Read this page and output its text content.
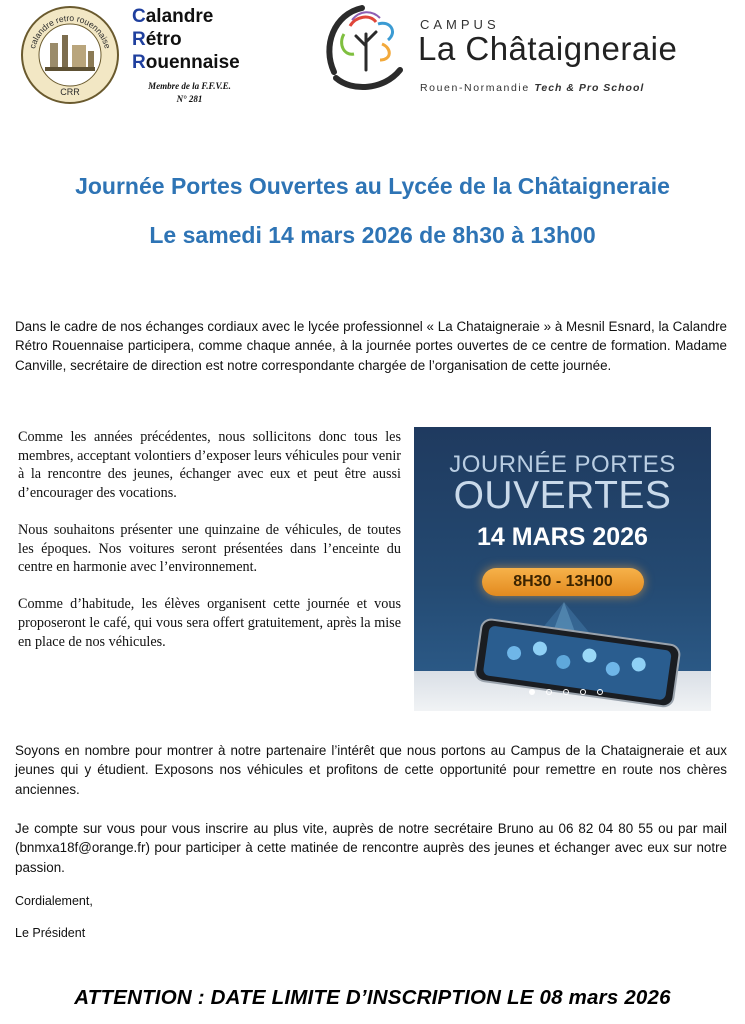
calandre retro rouennaise
CRR
Calandre
Rétro
Rouennaise
Membre de la F.F.V.E.
N° 281
CAMPUS
La Châtaigneraie
Rouen-Normandie Tech & Pro School
Journée Portes Ouvertes au Lycée de la Châtaigneraie
Le samedi 14 mars 2026 de 8h30 à 13h00
Dans le cadre de nos échanges cordiaux avec le lycée professionnel « La Chataigneraie » à Mesnil Esnard, la Calandre Rétro Rouennaise participera, comme chaque année, à la journée portes ouvertes de ce centre de formation. Madame Canville, secrétaire de direction est notre correspondante chargée de l’organisation de cette journée.

Comme les années précédentes, nous sollicitons donc tous les membres, acceptant volontiers d’exposer leurs véhicules pour venir à la rencontre des jeunes, échanger avec eux et peut être aussi d’encourager des vocations.

Nous souhaitons présenter une quinzaine de véhicules, de toutes les époques. Nos voitures seront présentées dans l’enceinte du centre en harmonie avec l’environnement.

Comme d’habitude, les élèves organisent cette journée et vous proposeront le café, qui vous sera offert gratuitement, après la mise en place de nos véhicules.

JOURNÉE PORTES
OUVERTES
14 MARS 2026
8H30 - 13H00
Soyons en nombre pour montrer à notre partenaire l’intérêt que nous portons au Campus de la Chataigneraie et aux jeunes qui y étudient. Exposons nos véhicules et profitons de cette opportunité pour remettre en route nos chères anciennes.
Je compte sur vous pour vous inscrire au plus vite, auprès de notre secrétaire Bruno au 06 82 04 80 55 ou par mail (bnmxa18f@orange.fr) pour participer à cette matinée de rencontre auprès des jeunes et échanger avec eux sur notre passion.
Cordialement,
Le Président
ATTENTION : DATE LIMITE D’INSCRIPTION LE 08 mars 2026
